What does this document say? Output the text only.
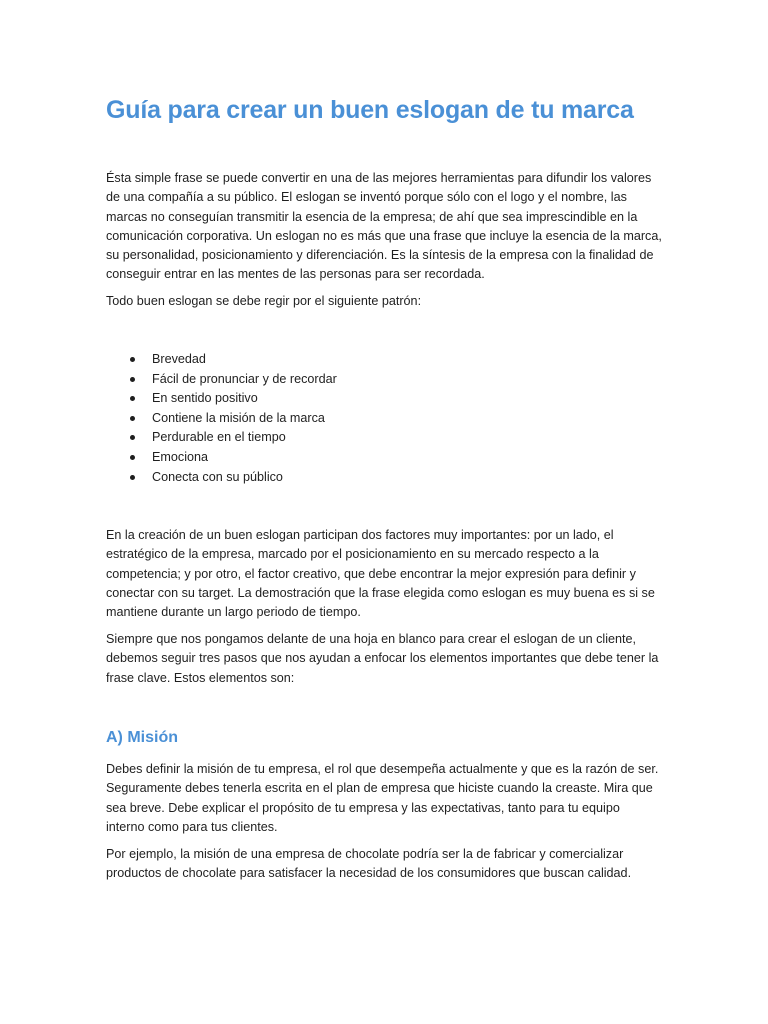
Guía para crear un buen eslogan de tu marca

Ésta simple frase se puede convertir en una de las mejores herramientas para difundir los valores
de una compañía a su público. El eslogan se inventó porque sólo con el logo y el nombre, las
marcas no conseguían transmitir la esencia de la empresa; de ahí que sea imprescindible en la
comunicación corporativa. Un eslogan no es más que una frase que incluye la esencia de la marca,
su personalidad, posicionamiento y diferenciación. Es la síntesis de la empresa con la finalidad de
conseguir entrar en las mentes de las personas para ser recordada.

Todo buen eslogan se debe regir por el siguiente patrón:

Brevedad
Fácil de pronunciar y de recordar
En sentido positivo
Contiene la misión de la marca
Perdurable en el tiempo
Emociona
Conecta con su público

En la creación de un buen eslogan participan dos factores muy importantes: por un lado, el
estratégico de la empresa, marcado por el posicionamiento en su mercado respecto a la
competencia; y por otro, el factor creativo, que debe encontrar la mejor expresión para definir y
conectar con su target. La demostración que la frase elegida como eslogan es muy buena es si se
mantiene durante un largo periodo de tiempo.

Siempre que nos pongamos delante de una hoja en blanco para crear el eslogan de un cliente,
debemos seguir tres pasos que nos ayudan a enfocar los elementos importantes que debe tener la
frase clave. Estos elementos son:

A) Misión

Debes definir la misión de tu empresa, el rol que desempeña actualmente y que es la razón de ser.
Seguramente debes tenerla escrita en el plan de empresa que hiciste cuando la creaste. Mira que
sea breve. Debe explicar el propósito de tu empresa y las expectativas, tanto para tu equipo
interno como para tus clientes.

Por ejemplo, la misión de una empresa de chocolate podría ser la de fabricar y comercializar
productos de chocolate para satisfacer la necesidad de los consumidores que buscan calidad.
